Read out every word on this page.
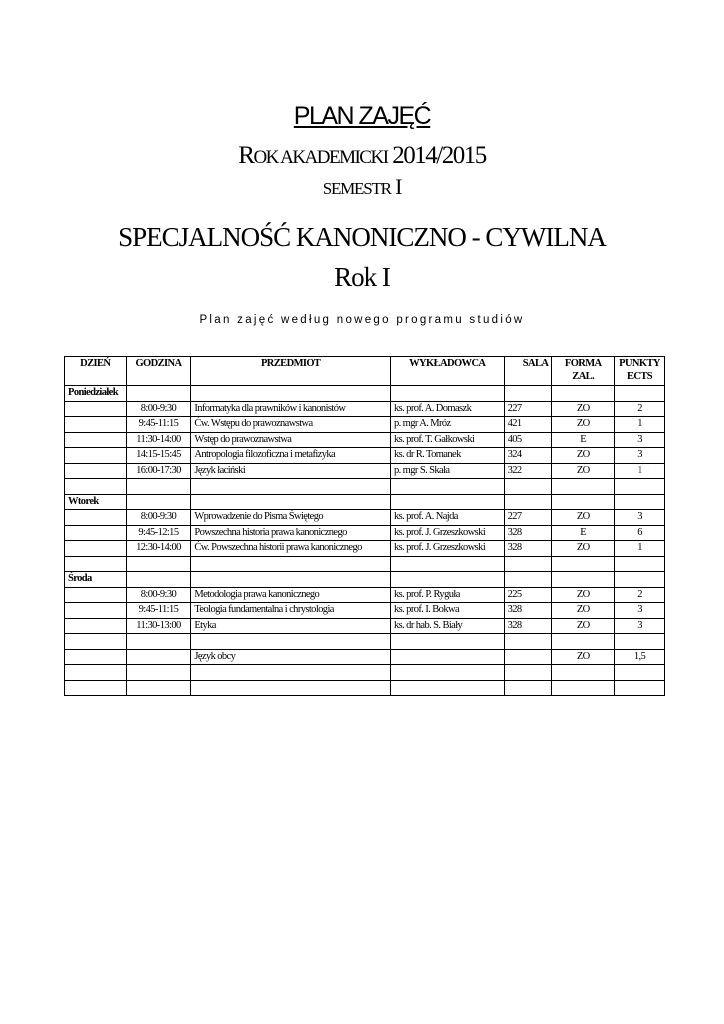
PLAN ZAJĘĆ
ROK AKADEMICKI 2014/2015
SEMESTR I
SPECJALNOŚĆ KANONICZNO - CYWILNA
Rok I
Plan zajęć według nowego programu studiów
DZIEŃ	GODZINA	PRZEDMIOT	WYKŁADOWCA	SALA	FORMA ZAL.	PUNKTY ECTS
Poniedziałek						
	8:00-9:30	Informatyka dla prawników i kanonistów	ks. prof. A. Domaszk	227	ZO	2
	9:45-11:15	Ćw. Wstępu do prawoznawstwa	p. mgr A. Mróz	421	ZO	1
	11:30-14:00	Wstęp do prawoznawstwa	ks. prof. T. Gałkowski	405	E	3
	14:15-15:45	Antropologia filozoficzna i metafizyka	ks. dr R. Tomanek	324	ZO	3
	16:00-17:30	Język łaciński	p. mgr S. Skała	322	ZO	1

Wtorek						
	8:00-9:30	Wprowadzenie do Pisma Świętego	ks. prof. A. Najda	227	ZO	3
	9:45-12:15	Powszechna historia prawa kanonicznego	ks. prof. J. Grzeszkowski	328	E	6
	12:30-14:00	Ćw. Powszechna historii prawa kanonicznego	ks. prof. J. Grzeszkowski	328	ZO	1

Środa						
	8:00-9:30	Metodologia prawa kanonicznego	ks. prof. P. Ryguła	225	ZO	2
	9:45-11:15	Teologia fundamentalna i chrystologia	ks. prof. I. Bokwa	328	ZO	3
	11:30-13:00	Etyka	ks. dr hab. S. Biały	328	ZO	3

		Język obcy			ZO	1,5
